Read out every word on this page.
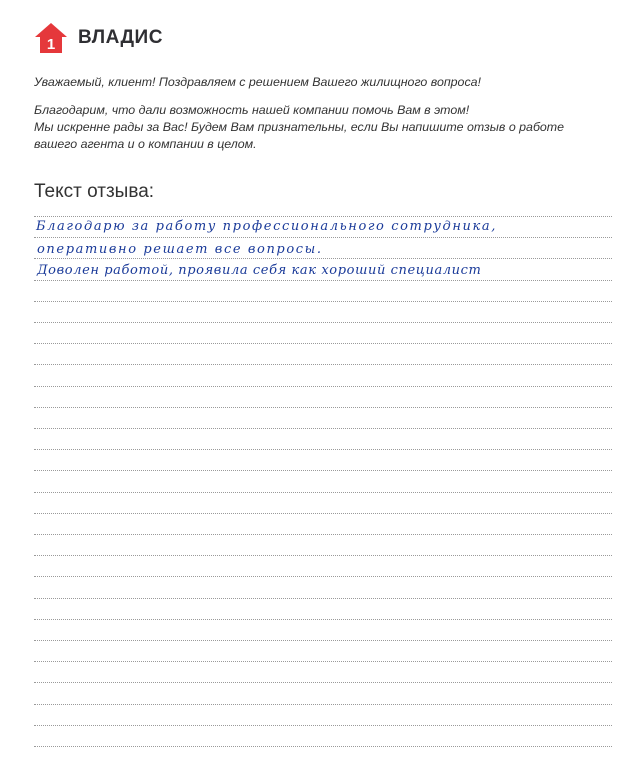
1 ВЛАДИС

Уважаемый, клиент! Поздравляем с решением Вашего жилищного вопроса!

Благодарим, что дали возможность нашей компании помочь Вам в этом!
Мы искренне рады за Вас! Будем Вам признательны, если Вы напишите отзыв о работе
вашего агента и о компании в целом.

Текст отзыва:
Благодарю за работу профессионального сотрудника,
оперативно решает все вопросы.
Доволен работой, проявила себя как хороший специалист
